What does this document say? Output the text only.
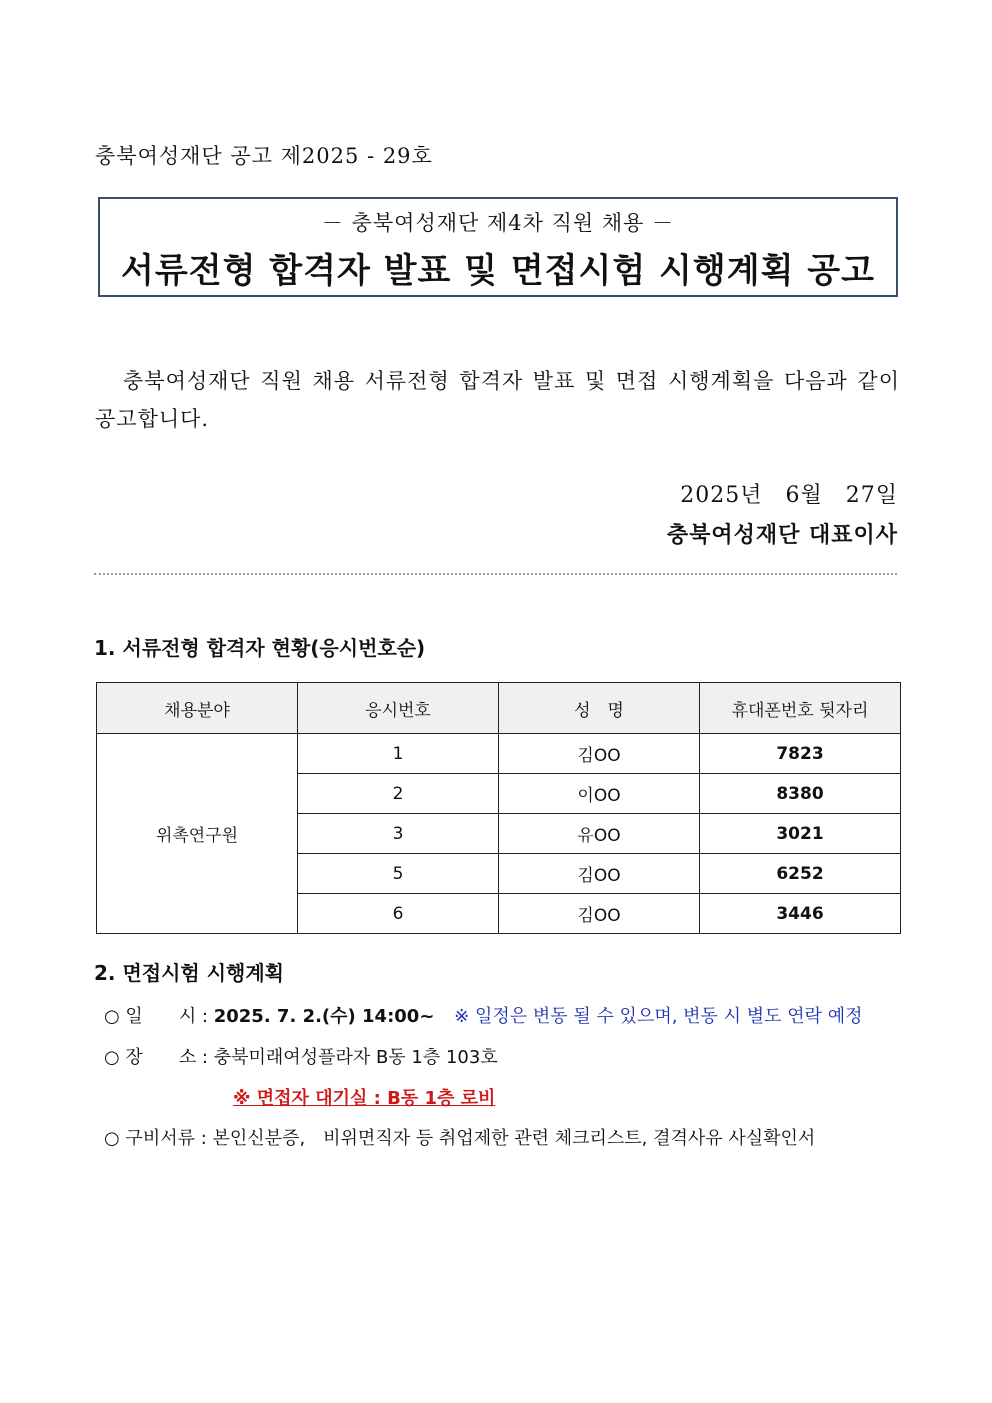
충북여성재단 공고 제2025 - 29호
－ 충북여성재단 제4차 직원 채용 －
서류전형 합격자 발표 및 면접시험 시행계획 공고
충북여성재단 직원 채용 서류전형 합격자 발표 및 면접 시행계획을 다음과 같이 공고합니다.
2025년　6월　27일
충북여성재단 대표이사
1. 서류전형 합격자 현황(응시번호순)
채용분야	응시번호	성　명	휴대폰번호 뒷자리
위촉연구원	1	김OO	7823
	2	이OO	8380
	3	유OO	3021
	5	김OO	6252
	6	김OO	3446
2. 면접시험 시행계획
○ 일　　시 : 2025. 7. 2.(수) 14:00~ ※ 일정은 변동 될 수 있으며, 변동 시 별도 연락 예정
○ 장　　소 : 충북미래여성플라자 B동 1층 103호
※ 면접자 대기실 : B동 1층 로비
○ 구비서류 : 본인신분증,　비위면직자 등 취업제한 관련 체크리스트, 결격사유 사실확인서
